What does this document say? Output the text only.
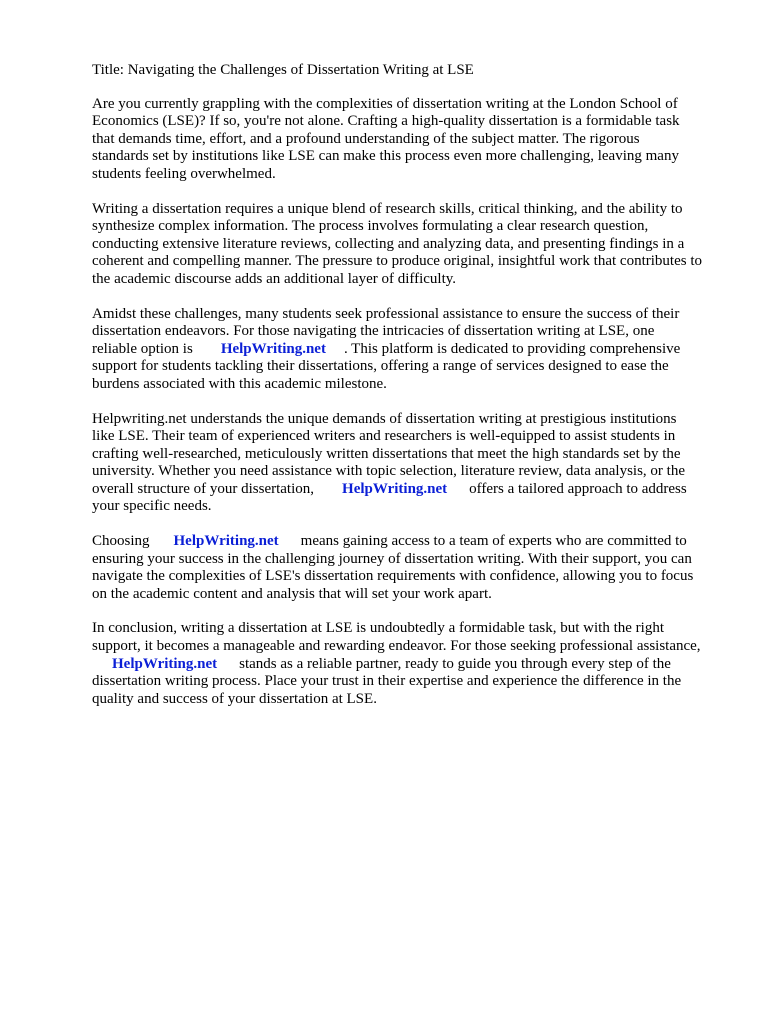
Title: Navigating the Challenges of Dissertation Writing at LSE

Are you currently grappling with the complexities of dissertation writing at the London School of
Economics (LSE)? If so, you're not alone. Crafting a high-quality dissertation is a formidable task
that demands time, effort, and a profound understanding of the subject matter. The rigorous
standards set by institutions like LSE can make this process even more challenging, leaving many
students feeling overwhelmed.

Writing a dissertation requires a unique blend of research skills, critical thinking, and the ability to
synthesize complex information. The process involves formulating a clear research question,
conducting extensive literature reviews, collecting and analyzing data, and presenting findings in a
coherent and compelling manner. The pressure to produce original, insightful work that contributes to
the academic discourse adds an additional layer of difficulty.

Amidst these challenges, many students seek professional assistance to ensure the success of their
dissertation endeavors. For those navigating the intricacies of dissertation writing at LSE, one
reliable option is HelpWriting.net . This platform is dedicated to providing comprehensive
support for students tackling their dissertations, offering a range of services designed to ease the
burdens associated with this academic milestone.

Helpwriting.net understands the unique demands of dissertation writing at prestigious institutions
like LSE. Their team of experienced writers and researchers is well-equipped to assist students in
crafting well-researched, meticulously written dissertations that meet the high standards set by the
university. Whether you need assistance with topic selection, literature review, data analysis, or the
overall structure of your dissertation, HelpWriting.net offers a tailored approach to address
your specific needs.

Choosing HelpWriting.net means gaining access to a team of experts who are committed to
ensuring your success in the challenging journey of dissertation writing. With their support, you can
navigate the complexities of LSE's dissertation requirements with confidence, allowing you to focus
on the academic content and analysis that will set your work apart.

In conclusion, writing a dissertation at LSE is undoubtedly a formidable task, but with the right
support, it becomes a manageable and rewarding endeavor. For those seeking professional assistance,
HelpWriting.net stands as a reliable partner, ready to guide you through every step of the
dissertation writing process. Place your trust in their expertise and experience the difference in the
quality and success of your dissertation at LSE.
